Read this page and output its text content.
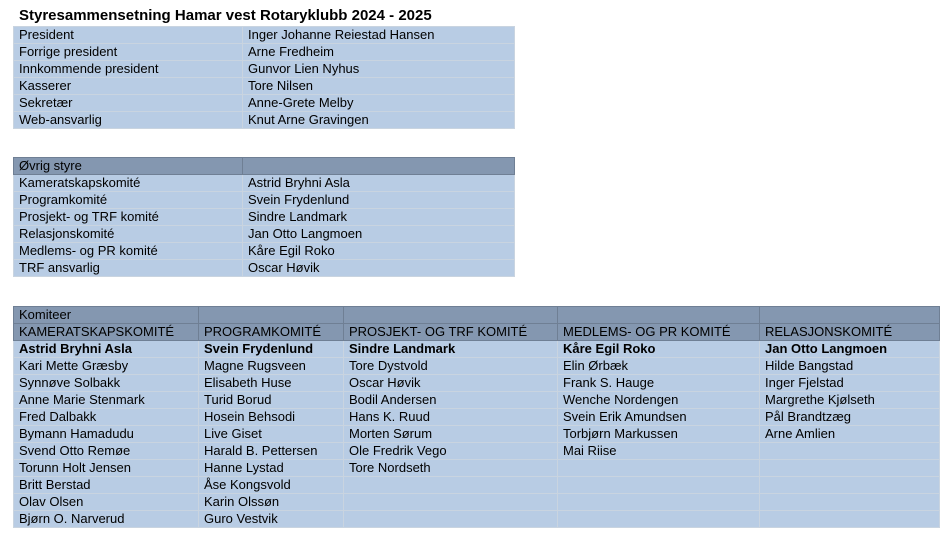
Styresammensetning Hamar vest Rotaryklubb 2024 - 2025
President	Inger Johanne Reiestad Hansen
Forrige president	Arne Fredheim
Innkommende president	Gunvor Lien Nyhus
Kasserer	Tore Nilsen
Sekretær	Anne-Grete Melby
Web-ansvarlig	Knut Arne Gravingen
Øvrig styre	
Kameratskapskomité	Astrid Bryhni Asla
Programkomité	Svein Frydenlund
Prosjekt- og TRF komité	Sindre Landmark
Relasjonskomité	Jan Otto Langmoen
Medlems- og PR komité	Kåre Egil Roko
TRF ansvarlig	Oscar Høvik
Komiteer				
KAMERATSKAPSKOMITÉ	PROGRAMKOMITÉ	PROSJEKT- OG TRF KOMITÉ	MEDLEMS- OG PR KOMITÉ	RELASJONSKOMITÉ
Astrid Bryhni Asla	Svein Frydenlund	Sindre Landmark	Kåre Egil Roko	Jan Otto Langmoen
Kari Mette Græsby	Magne Rugsveen	Tore Dystvold	Elin Ørbæk	Hilde Bangstad
Synnøve Solbakk	Elisabeth Huse	Oscar Høvik	Frank S. Hauge	Inger Fjelstad
Anne Marie Stenmark	Turid Borud	Bodil Andersen	Wenche Nordengen	Margrethe Kjølseth
Fred Dalbakk	Hosein Behsodi	Hans K. Ruud	Svein Erik Amundsen	Pål Brandtzæg
Bymann Hamadudu	Live Giset	Morten Sørum	Torbjørn Markussen	Arne Amlien
Svend Otto Remøe	Harald B. Pettersen	Ole Fredrik Vego	Mai Riise	
Torunn Holt Jensen	Hanne Lystad	Tore Nordseth		
Britt Berstad	Åse Kongsvold			
Olav Olsen	Karin Olssøn			
Bjørn O. Narverud	Guro Vestvik			
